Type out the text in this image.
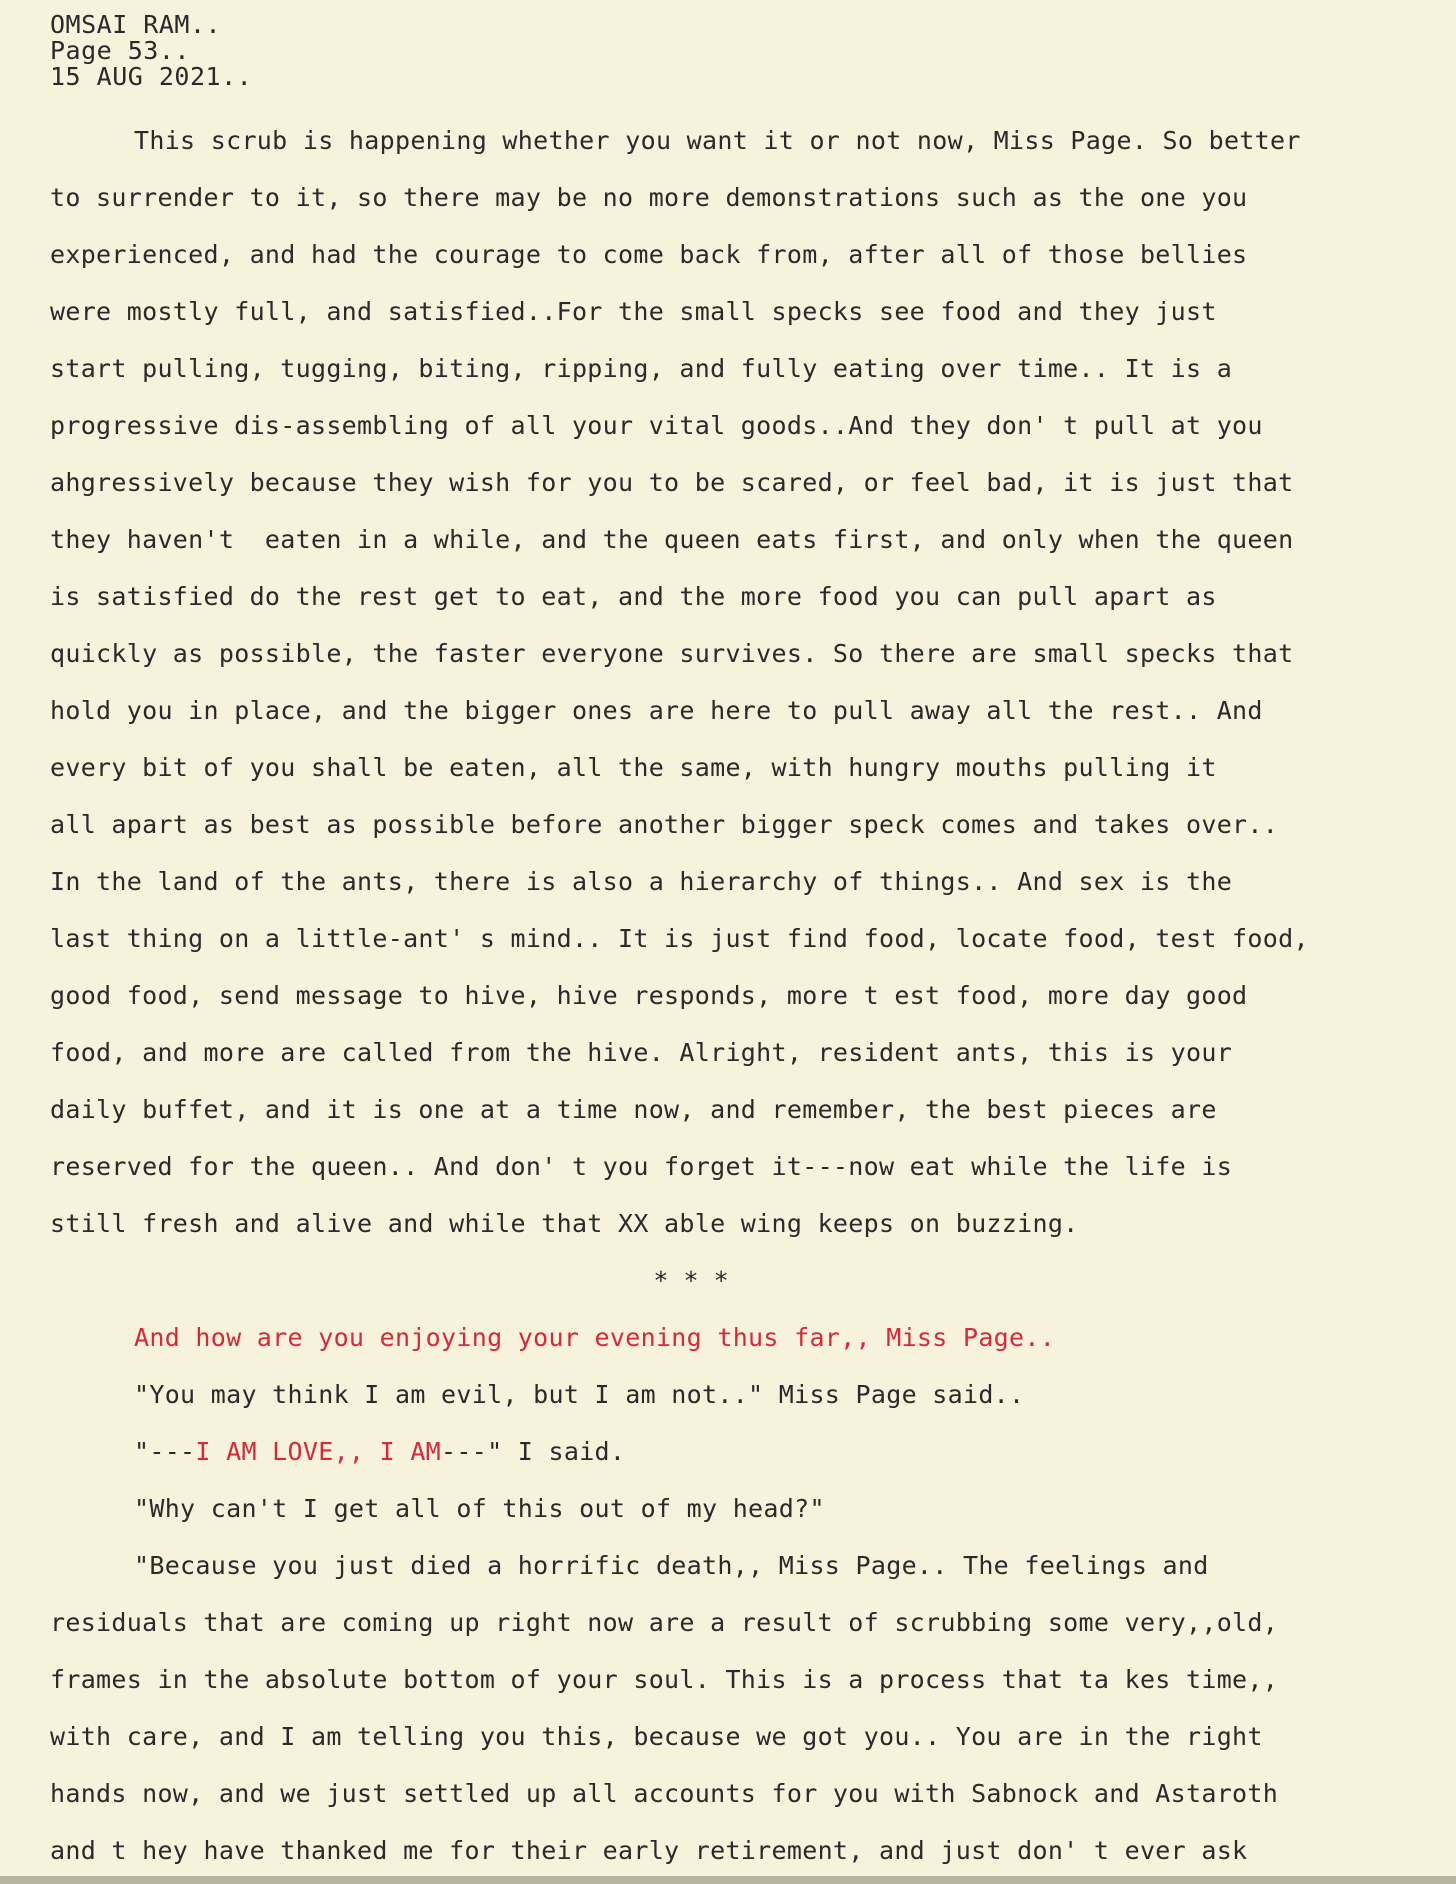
OMSAI RAM..

Page 53..

15 AUG 2021..

This scrub is happening whether you want it or not now, Miss Page. So better

to surrender to it, so there may be no more demonstrations such as the one you

experienced, and had the courage to come back from, after all of those bellies

were mostly full, and satisfied..For the small specks see food and they just

start pulling, tugging, biting, ripping, and fully eating over time.. It is a

progressive dis-assembling of all your vital goods..And they don' t pull at you

ahgressively because they wish for you to be scared, or feel bad, it is just that

they haven't  eaten in a while, and the queen eats first, and only when the queen

is satisfied do the rest get to eat, and the more food you can pull apart as

quickly as possible, the faster everyone survives. So there are small specks that

hold you in place, and the bigger ones are here to pull away all the rest.. And

every bit of you shall be eaten, all the same, with hungry mouths pulling it

all apart as best as possible before another bigger speck comes and takes over..

In the land of the ants, there is also a hierarchy of things.. And sex is the

last thing on a little-ant' s mind.. It is just find food, locate food, test food,

good food, send message to hive, hive responds, more t est food, more day good

food, and more are called from the hive. Alright, resident ants, this is your

daily buffet, and it is one at a time now, and remember, the best pieces are

reserved for the queen.. And don' t you forget it---now eat while the life is

still fresh and alive and while that XX able wing keeps on buzzing.

* * *

And how are you enjoying your evening thus far,, Miss Page..

"You may think I am evil, but I am not.." Miss Page said..

"---I AM LOVE,, I AM---" I said.

"Why can't I get all of this out of my head?"

"Because you just died a horrific death,, Miss Page.. The feelings and

residuals that are coming up right now are a result of scrubbing some very,,old,

frames in the absolute bottom of your soul. This is a process that ta kes time,,

with care, and I am telling you this, because we got you.. You are in the right

hands now, and we just settled up all accounts for you with Sabnock and Astaroth

and t hey have thanked me for their early retirement, and just don' t ever ask
